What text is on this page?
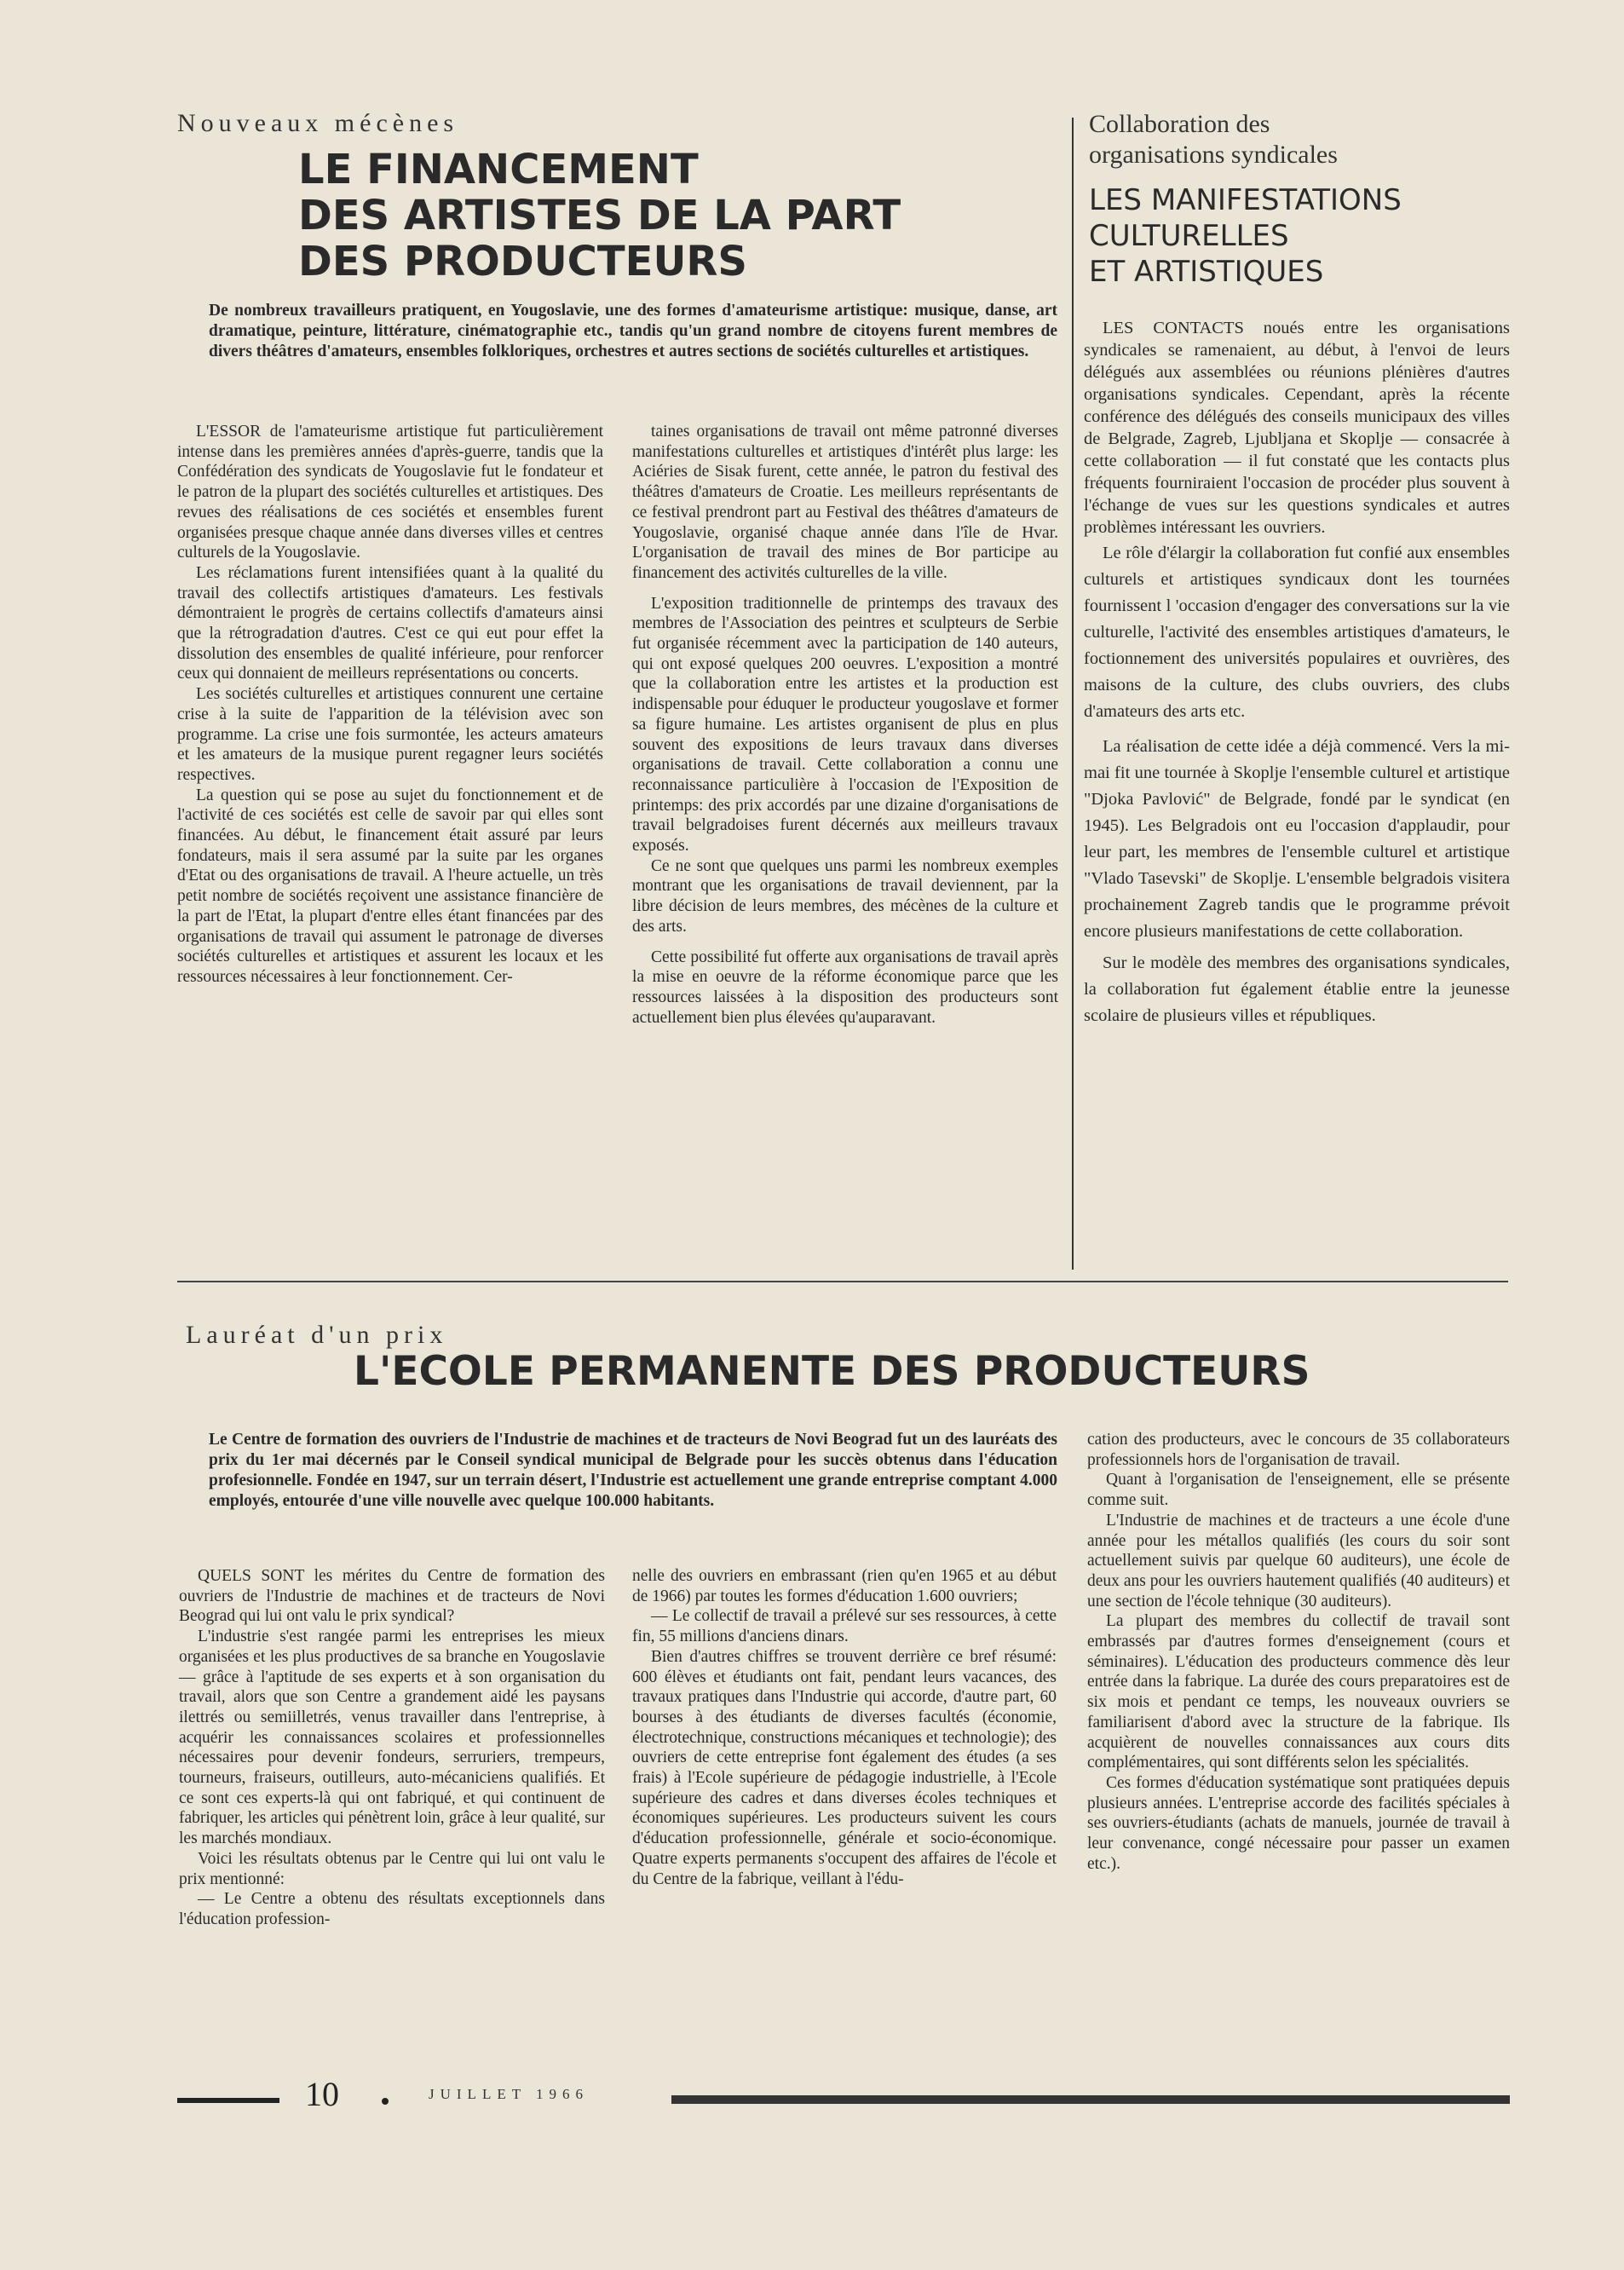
Nouveaux mécènes
LE FINANCEMENT
DES ARTISTES DE LA PART
DES PRODUCTEURS

De nombreux travailleurs pratiquent, en Yougoslavie, une des formes d'amateurisme artistique: musique, danse, art dramatique, peinture, littérature, cinématographie etc., tandis qu'un grand nombre de citoyens furent membres de divers théâtres d'amateurs, ensembles folkloriques, orchestres et autres sections de sociétés culturelles et artistiques.

L'ESSOR de l'amateurisme artistique fut particulièrement intense dans les premières années d'après-guerre, tandis que la Confédération des syndicats de Yougoslavie fut le fondateur et le patron de la plupart des sociétés culturelles et artistiques. Des revues des réalisations de ces sociétés et ensembles furent organisées presque chaque année dans diverses villes et centres culturels de la Yougoslavie.

Les réclamations furent intensifiées quant à la qualité du travail des collectifs artistiques d'amateurs. Les festivals démontraient le progrès de certains collectifs d'amateurs ainsi que la rétrogradation d'autres. C'est ce qui eut pour effet la dissolution des ensembles de qualité inférieure, pour renforcer ceux qui donnaient de meilleurs représentations ou concerts.

Les sociétés culturelles et artistiques connurent une certaine crise à la suite de l'apparition de la télévision avec son programme. La crise une fois surmontée, les acteurs amateurs et les amateurs de la musique purent regagner leurs sociétés respectives.

La question qui se pose au sujet du fonctionnement et de l'activité de ces sociétés est celle de savoir par qui elles sont financées. Au début, le financement était assuré par leurs fondateurs, mais il sera assumé par la suite par les organes d'Etat ou des organisations de travail. A l'heure actuelle, un très petit nombre de sociétés reçoivent une assistance financière de la part de l'Etat, la plupart d'entre elles étant financées par des organisations de travail qui assument le patronage de diverses sociétés culturelles et artistiques et assurent les locaux et les ressources nécessaires à leur fonctionnement. Cer-

taines organisations de travail ont même patronné diverses manifestations culturelles et artistiques d'intérêt plus large: les Aciéries de Sisak furent, cette année, le patron du festival des théâtres d'amateurs de Croatie. Les meilleurs représentants de ce festival prendront part au Festival des théâtres d'amateurs de Yougoslavie, organisé chaque année dans l'île de Hvar. L'organisation de travail des mines de Bor participe au financement des activités culturelles de la ville.

L'exposition traditionnelle de printemps des travaux des membres de l'Association des peintres et sculpteurs de Serbie fut organisée récemment avec la participation de 140 auteurs, qui ont exposé quelques 200 oeuvres. L'exposition a montré que la collaboration entre les artistes et la production est indispensable pour éduquer le producteur yougoslave et former sa figure humaine. Les artistes organisent de plus en plus souvent des expositions de leurs travaux dans diverses organisations de travail. Cette collaboration a connu une reconnaissance particulière à l'occasion de l'Exposition de printemps: des prix accordés par une dizaine d'organisations de travail belgradoises furent décernés aux meilleurs travaux exposés.

Ce ne sont que quelques uns parmi les nombreux exemples montrant que les organisations de travail deviennent, par la libre décision de leurs membres, des mécènes de la culture et des arts.

Cette possibilité fut offerte aux organisations de travail après la mise en oeuvre de la réforme économique parce que les ressources laissées à la disposition des producteurs sont actuellement bien plus élevées qu'auparavant.

Collaboration des
organisations syndicales
LES MANIFESTATIONS
CULTURELLES
ET ARTISTIQUES

LES CONTACTS noués entre les organisations syndicales se ramenaient, au début, à l'envoi de leurs délégués aux assemblées ou réunions plénières d'autres organisations syndicales. Cependant, après la récente conférence des délégués des conseils municipaux des villes de Belgrade, Zagreb, Ljubljana et Skoplje — consacrée à cette collaboration — il fut constaté que les contacts plus fréquents fourniraient l'occasion de procéder plus souvent à l'échange de vues sur les questions syndicales et autres problèmes intéressant les ouvriers.

Le rôle d'élargir la collaboration fut confié aux ensembles culturels et artistiques syndicaux dont les tournées fournissent l 'occasion d'engager des conversations sur la vie culturelle, l'activité des ensembles artistiques d'amateurs, le foctionnement des universités populaires et ouvrières, des maisons de la culture, des clubs ouvriers, des clubs d'amateurs des arts etc.

La réalisation de cette idée a déjà commencé. Vers la mi-mai fit une tournée à Skoplje l'ensemble culturel et artistique "Djoka Pavlović" de Belgrade, fondé par le syndicat (en 1945). Les Belgradois ont eu l'occasion d'applaudir, pour leur part, les membres de l'ensemble culturel et artistique "Vlado Tasevski" de Skoplje. L'ensemble belgradois visitera prochainement Zagreb tandis que le programme prévoit encore plusieurs manifestations de cette collaboration.

Sur le modèle des membres des organisations syndicales, la collaboration fut également établie entre la jeunesse scolaire de plusieurs villes et républiques.

Lauréat d'un prix
L'ECOLE PERMANENTE DES PRODUCTEURS

Le Centre de formation des ouvriers de l'Industrie de machines et de tracteurs de Novi Beograd fut un des lauréats des prix du 1er mai décernés par le Conseil syndical municipal de Belgrade pour les succès obtenus dans l'éducation profesionnelle. Fondée en 1947, sur un terrain désert, l'Industrie est actuellement une grande entreprise comptant 4.000 employés, entourée d'une ville nouvelle avec quelque 100.000 habitants.

QUELS SONT les mérites du Centre de formation des ouvriers de l'Industrie de machines et de tracteurs de Novi Beograd qui lui ont valu le prix syndical?

L'industrie s'est rangée parmi les entreprises les mieux organisées et les plus productives de sa branche en Yougoslavie — grâce à l'aptitude de ses experts et à son organisation du travail, alors que son Centre a grandement aidé les paysans ilettrés ou semiilletrés, venus travailler dans l'entreprise, à acquérir les connaissances scolaires et professionnelles nécessaires pour devenir fondeurs, serruriers, trempeurs, tourneurs, fraiseurs, outilleurs, auto-mécaniciens qualifiés. Et ce sont ces experts-là qui ont fabriqué, et qui continuent de fabriquer, les articles qui pénètrent loin, grâce à leur qualité, sur les marchés mondiaux.

Voici les résultats obtenus par le Centre qui lui ont valu le prix mentionné:

— Le Centre a obtenu des résultats exceptionnels dans l'éducation profession-

nelle des ouvriers en embrassant (rien qu'en 1965 et au début de 1966) par toutes les formes d'éducation 1.600 ouvriers;

— Le collectif de travail a prélevé sur ses ressources, à cette fin, 55 millions d'anciens dinars.

Bien d'autres chiffres se trouvent derrière ce bref résumé: 600 élèves et étudiants ont fait, pendant leurs vacances, des travaux pratiques dans l'Industrie qui accorde, d'autre part, 60 bourses à des étudiants de diverses facultés (économie, électrotechnique, constructions mécaniques et technologie); des ouvriers de cette entreprise font également des études (a ses frais) à l'Ecole supérieure de pédagogie industrielle, à l'Ecole supérieure des cadres et dans diverses écoles techniques et économiques supérieures. Les producteurs suivent les cours d'éducation professionnelle, générale et socio-économique. Quatre experts permanents s'occupent des affaires de l'école et du Centre de la fabrique, veillant à l'édu-

cation des producteurs, avec le concours de 35 collaborateurs professionnels hors de l'organisation de travail.

Quant à l'organisation de l'enseignement, elle se présente comme suit.

L'Industrie de machines et de tracteurs a une école d'une année pour les métallos qualifiés (les cours du soir sont actuellement suivis par quelque 60 auditeurs), une école de deux ans pour les ouvriers hautement qualifiés (40 auditeurs) et une section de l'école tehnique (30 auditeurs).

La plupart des membres du collectif de travail sont embrassés par d'autres formes d'enseignement (cours et séminaires). L'éducation des producteurs commence dès leur entrée dans la fabrique. La durée des cours preparatoires est de six mois et pendant ce temps, les nouveaux ouvriers se familiarisent d'abord avec la structure de la fabrique. Ils acquièrent de nouvelles connaissances aux cours dits complémentaires, qui sont différents selon les spécialités.

Ces formes d'éducation systématique sont pratiquées depuis plusieurs années. L'entreprise accorde des facilités spéciales à ses ouvriers-étudiants (achats de manuels, journée de travail à leur convenance, congé nécessaire pour passer un examen etc.).

10	JUILLET 1966
